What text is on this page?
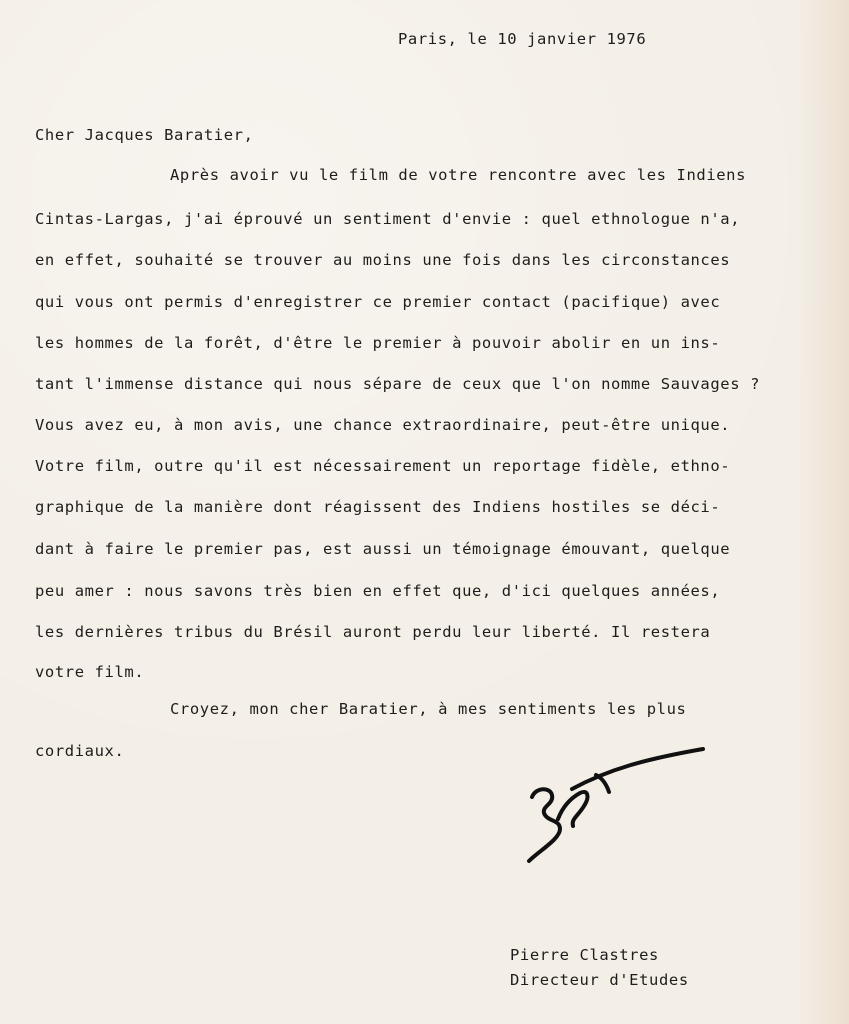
Paris, le 10 janvier 1976
Cher Jacques Baratier,
Après avoir vu le film de votre rencontre avec les Indiens
Cintas-Largas, j'ai éprouvé un sentiment d'envie : quel ethnologue n'a,
en effet, souhaité se trouver au moins une fois dans les circonstances
qui vous ont permis d'enregistrer ce premier contact (pacifique) avec
les hommes de la forêt, d'être le premier à pouvoir abolir en un ins-
tant l'immense distance qui nous sépare de ceux que l'on nomme Sauvages ?
Vous avez eu, à mon avis, une chance extraordinaire, peut-être unique.
Votre film, outre qu'il est nécessairement un reportage fidèle, ethno-
graphique de la manière dont réagissent des Indiens hostiles se déci-
dant à faire le premier pas, est aussi un témoignage émouvant, quelque
peu amer : nous savons très bien en effet que, d'ici quelques années,
les dernières tribus du Brésil auront perdu leur liberté. Il restera
votre film.
Croyez, mon cher Baratier, à mes sentiments les plus
cordiaux.
Pierre Clastres
Directeur d'Etudes
